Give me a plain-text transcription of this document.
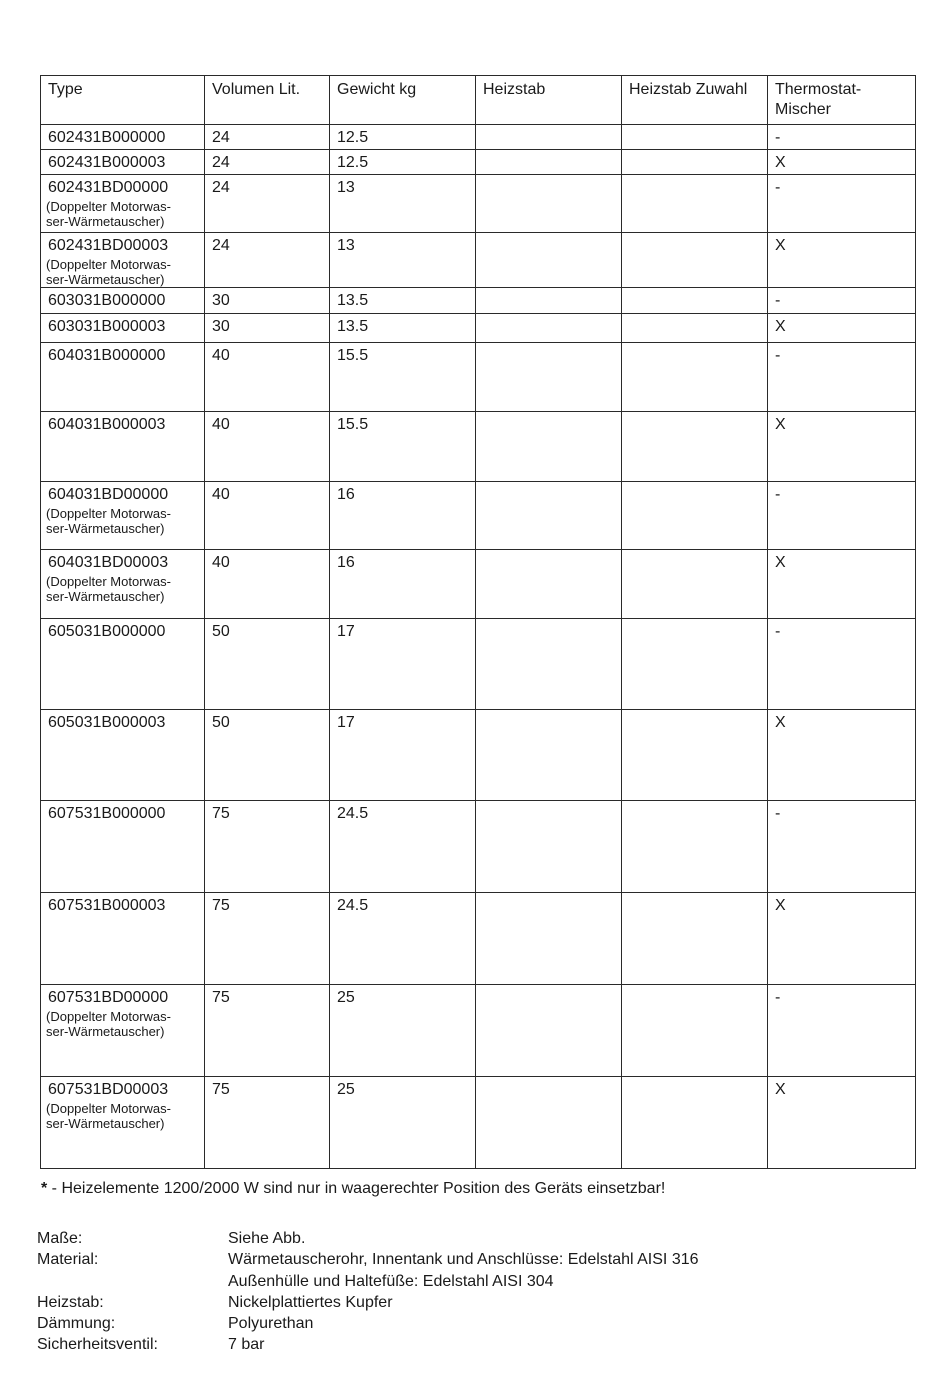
Type	Volumen Lit.	Gewicht kg	Heizstab	Heizstab Zuwahl	Thermostat-
Mischer

602431B000000	24	12.5			-

602431B000003	24	12.5			X

602431BD00000
(Doppelter Motorwas-
ser-Wärmetauscher)	24	13			-

602431BD00003
(Doppelter Motorwas-
ser-Wärmetauscher)	24	13			X

603031B000000	30	13.5			-

603031B000003	30	13.5			X

604031B000000	40	15.5			-

604031B000003	40	15.5			X

604031BD00000
(Doppelter Motorwas-
ser-Wärmetauscher)	40	16			-

604031BD00003
(Doppelter Motorwas-
ser-Wärmetauscher)	40	16			X

605031B000000	50	17			-

605031B000003	50	17			X

607531B000000	75	24.5			-

607531B000003	75	24.5			X

607531BD00000
(Doppelter Motorwas-
ser-Wärmetauscher)	75	25			-

607531BD00003
(Doppelter Motorwas-
ser-Wärmetauscher)	75	25			X
* - Heizelemente 1200/2000 W sind nur in waagerechter Position des Geräts einsetzbar!
Maße:	Siehe Abb.
Material:	Wärmetauscherohr, Innentank und Anschlüsse: Edelstahl AISI 316
Außenhülle und Haltefüße: Edelstahl AISI 304
Heizstab:	Nickelplattiertes Kupfer
Dämmung:	Polyurethan
Sicherheitsventil:	7 bar
